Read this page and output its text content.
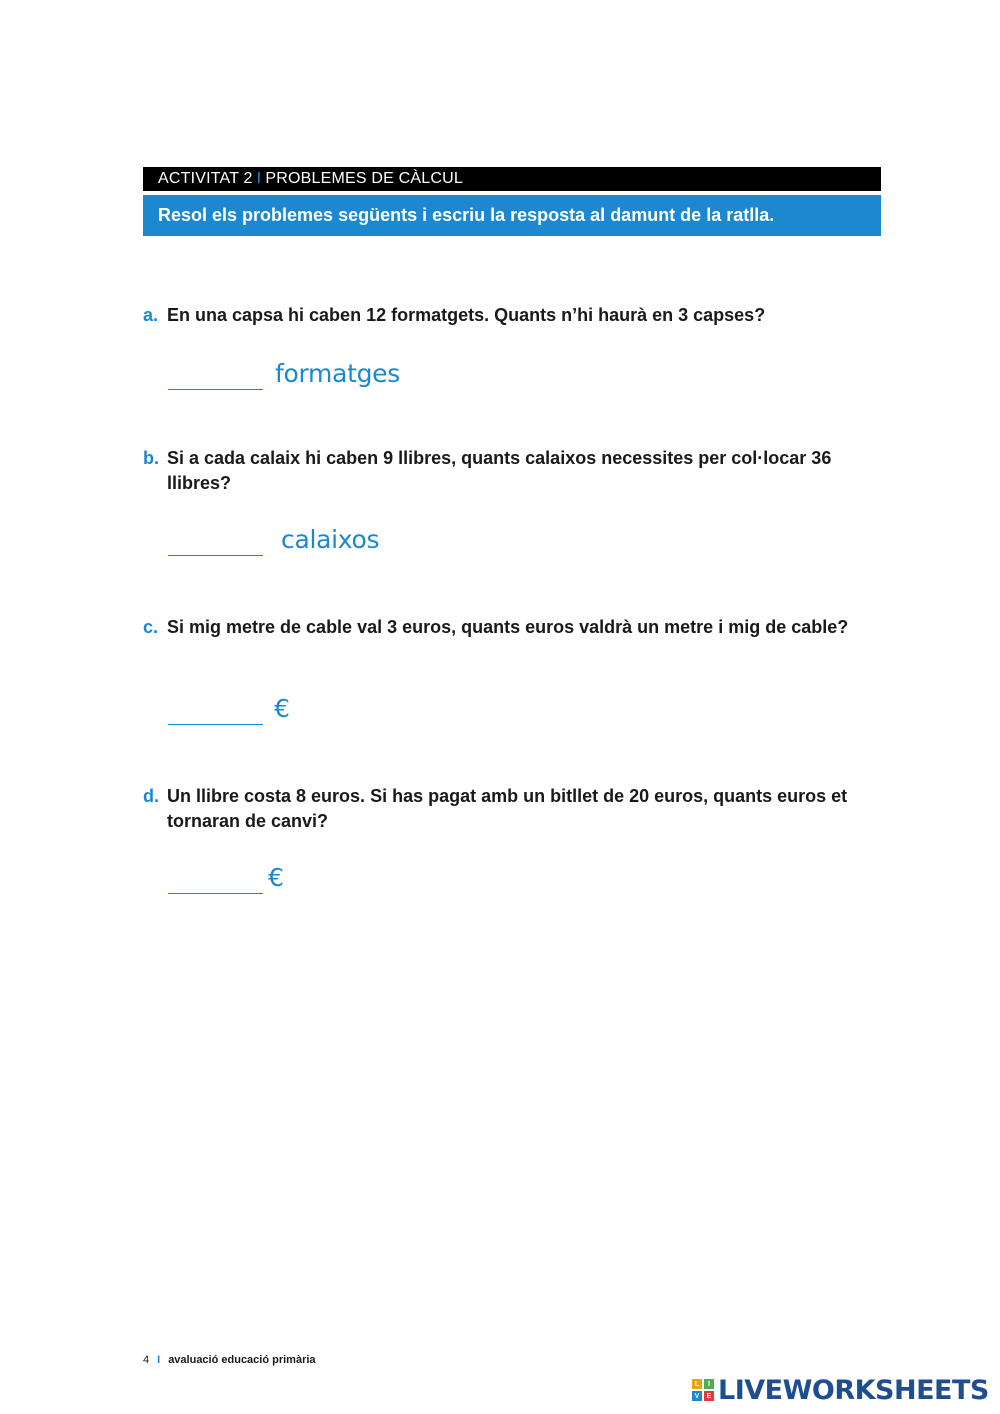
ACTIVITAT 2 I PROBLEMES DE CÀLCUL
Resol els problemes següents i escriu la resposta al damunt de la ratlla.
a. En una capsa hi caben 12 formatgets. Quants n’hi haurà en 3 capses?
formatges
b. Si a cada calaix hi caben 9 llibres, quants calaixos necessites per col·locar 36 llibres?
calaixos
c. Si mig metre de cable val 3 euros, quants euros valdrà un metre i mig de cable?
€
d. Un llibre costa 8 euros. Si has pagat amb un bitllet de 20 euros, quants euros et tornaran de canvi?
€
4 I avaluació educació primària
L	I
V	E LIVEWORKSHEETS
